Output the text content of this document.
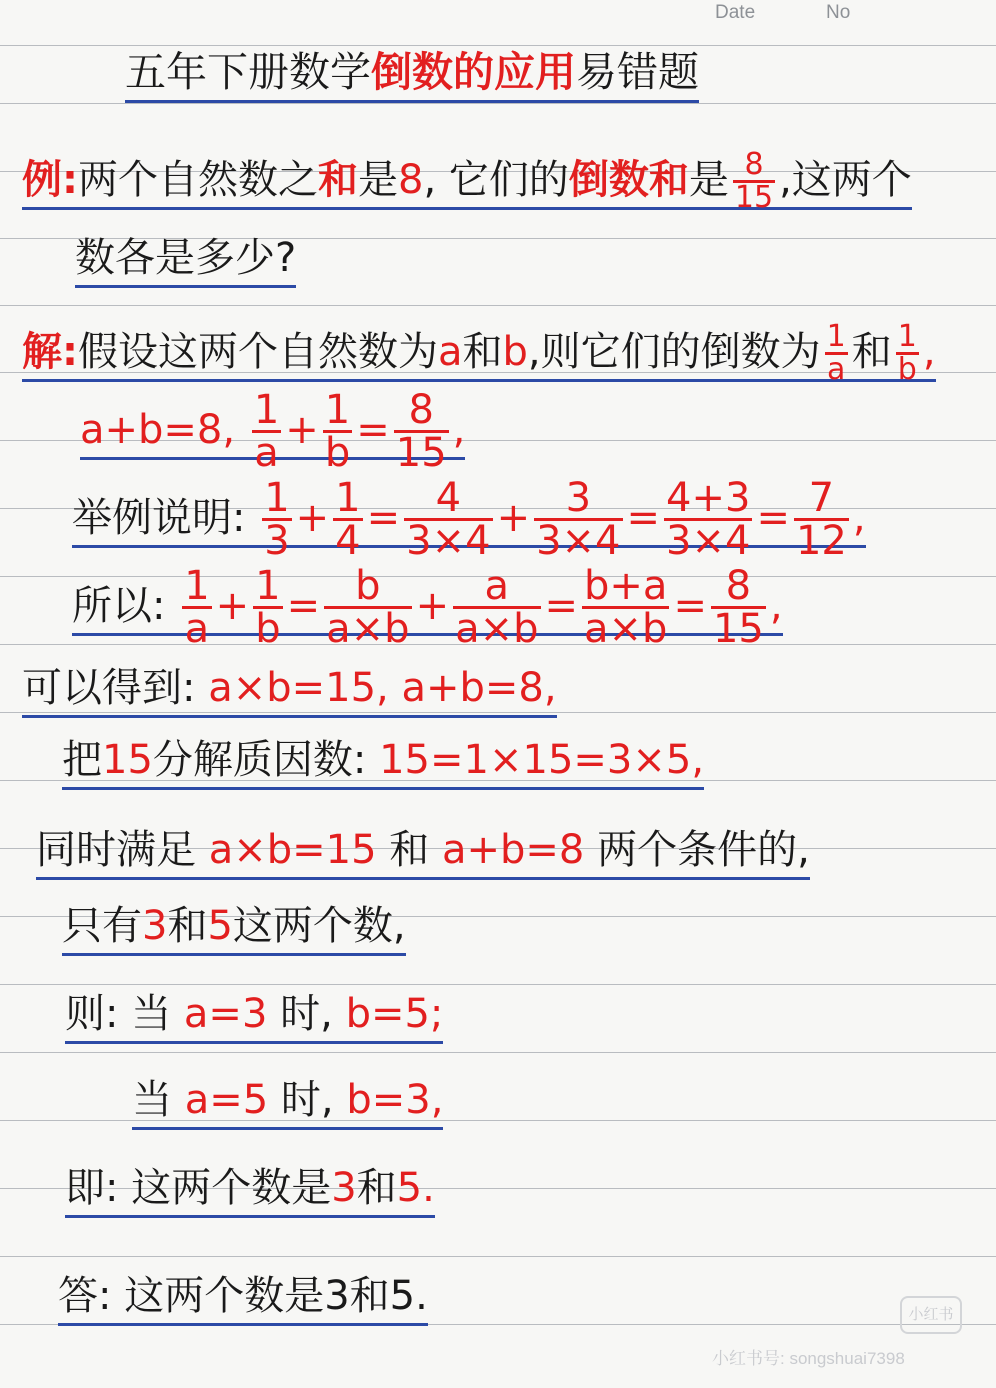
Date	No
五年下册数学倒数的应用易错题
例:两个自然数之和是8, 它们的倒数和是 $\frac{8}{15}$ ,这两个
数各是多少?
解:假设这两个自然数为a和b,则它们的倒数为 $\frac{1}{a}$ 和 $\frac{1}{b}$ ,
a+b=8, $\frac{1}{a} + \frac{1}{b} = \frac{8}{15}$ ,
举例说明: $\frac{1}{3} + \frac{1}{4} = \frac{4}{3\times 4} + \frac{3}{3\times 4} = \frac{4+3}{3\times 4} = \frac{7}{12}$ ,
所以: $\frac{1}{a} + \frac{1}{b} = \frac{b}{a\times b} + \frac{a}{a\times b} = \frac{b+a}{a\times b} = \frac{8}{15}$ ,
可以得到: a×b=15, a+b=8,
把15分解质因数: 15=1×15=3×5,
同时满足 a×b=15 和 a+b=8 两个条件的,
只有3和5这两个数,
则: 当 a=3 时, b=5;
当 a=5 时, b=3,
即: 这两个数是3和5.
答: 这两个数是3和5.	小红书
小红书号: songshuai7398
